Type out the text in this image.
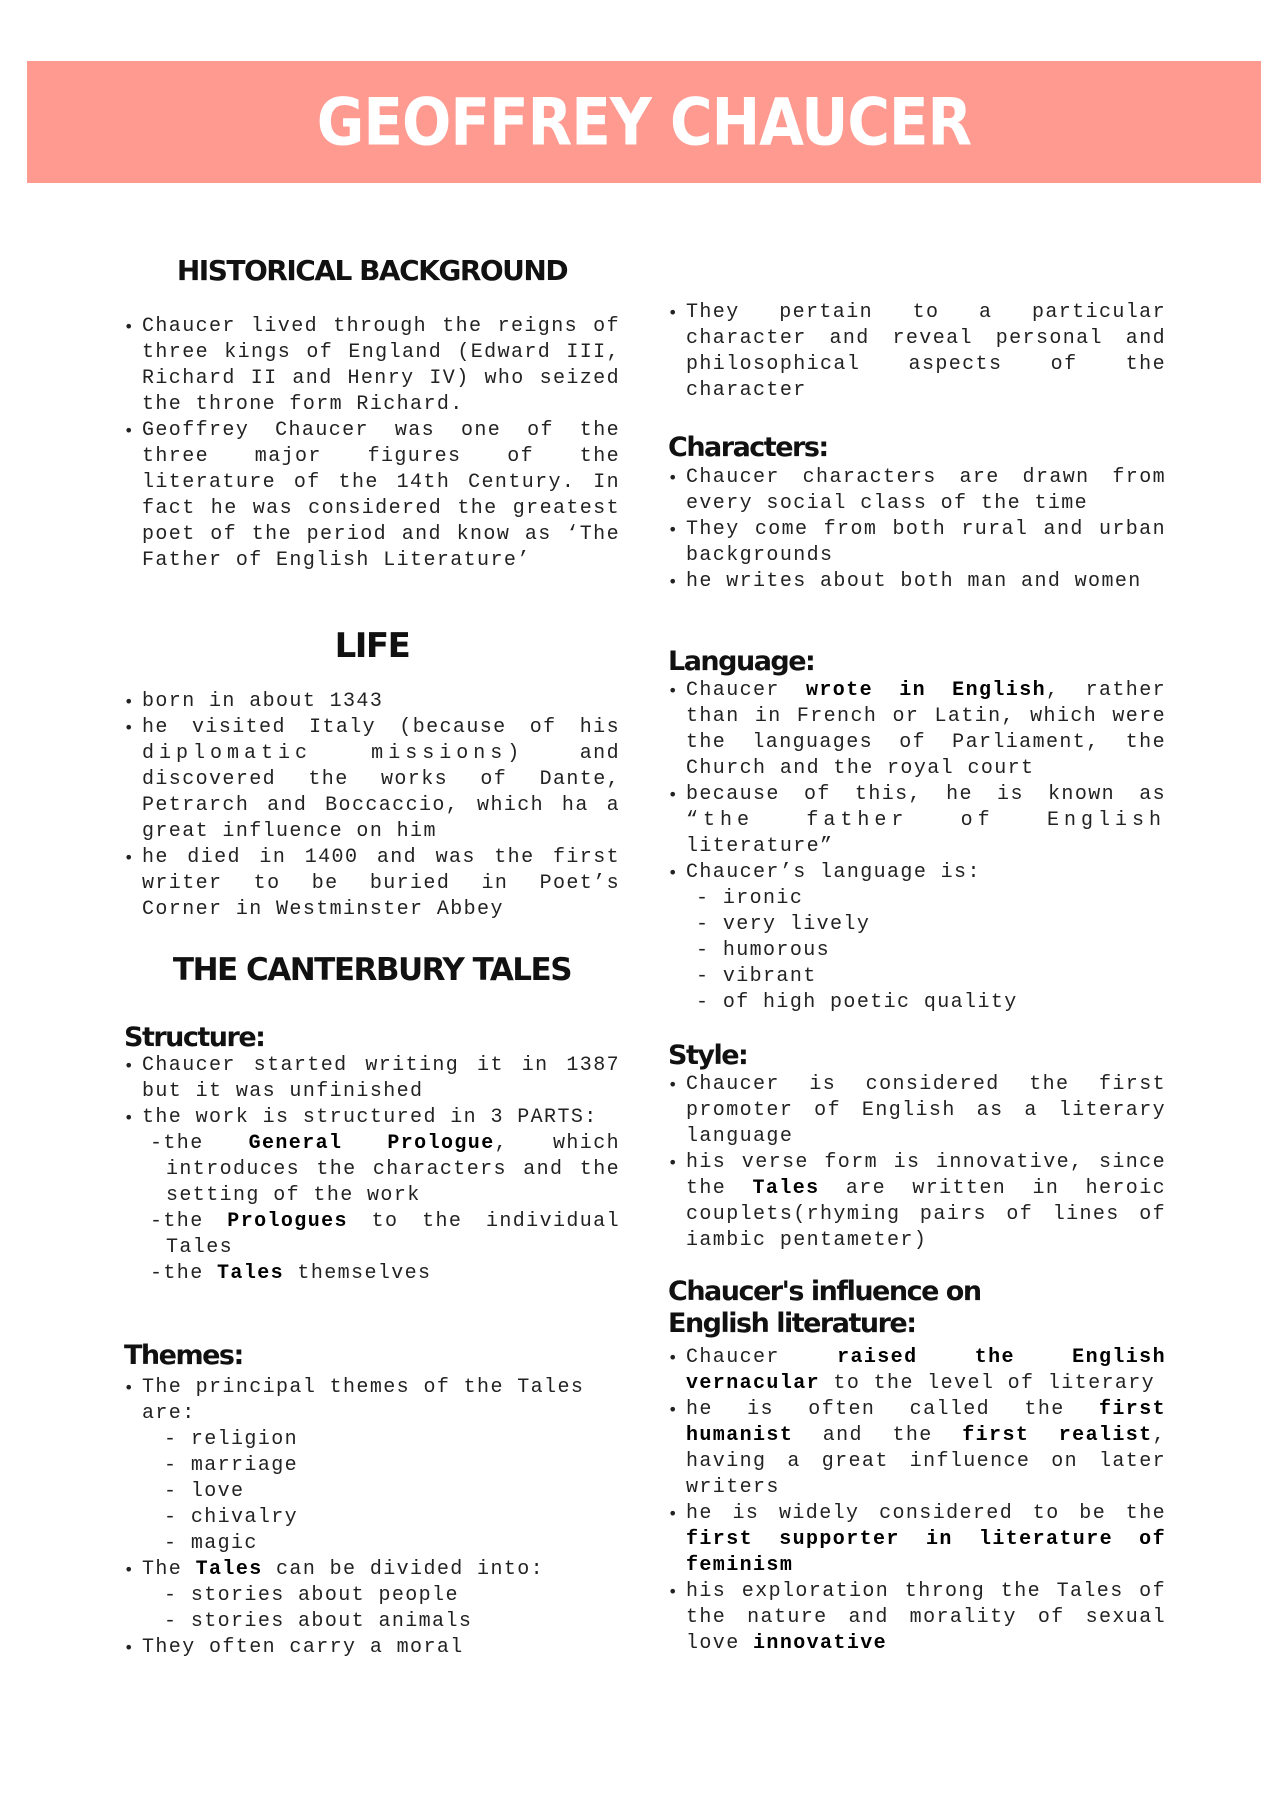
GEOFFREY CHAUCER
HISTORICAL BACKGROUND
• Chaucer lived through the reigns of three kings of England (Edward III, Richard II and Henry IV) who seized the throne form Richard.
• Geoffrey Chaucer was one of the three major figures of the literature of the 14th Century. In fact he was considered the greatest poet of the period and know as ‘The Father of English Literature’
LIFE
• born in about 1343
• he visited Italy (because of his diplomatic missions)	and discovered the works of Dante, Petrarch and Boccaccio, which ha a great influence on him
• he died in 1400 and was the first writer to be buried in Poet’s Corner in Westminster Abbey
THE CANTERBURY TALES
Structure:
• Chaucer started writing it in 1387 but it was unfinished
• the work is structured in 3 PARTS:
-the General Prologue, which introduces the characters and the setting of the work
-the Prologues to the individual Tales
-the Tales themselves
Themes:
• The principal themes of the Tales are:
- religion
- marriage
- love
- chivalry
- magic
• The Tales can be divided into:
- stories about people
- stories about animals
• They often carry a moral
• They pertain to a particular character and reveal personal and philosophical aspects of the character
Characters:
• Chaucer characters are drawn from every social class of the time
• They come from both rural and urban backgrounds
• he writes about both man and women
Language:
• Chaucer wrote in English, rather than in French or Latin, which were the languages of Parliament, the Church and the royal court
• because of this, he is known as “the father of English literature”
• Chaucer’s language is:
- ironic
- very lively
- humorous
- vibrant
- of high poetic quality
Style:
• Chaucer is considered the first promoter of English as a literary language
• his verse form is innovative, since the Tales are written in heroic couplets(rhyming pairs of lines of iambic pentameter)
Chaucer's influence on English literature:
• Chaucer raised the English vernacular to the level of literary
• he is often called the first humanist and the first realist, having a great influence on later writers
• he is widely considered to be the first supporter in literature of feminism
• his exploration throng the Tales of the nature and morality of sexual love innovative
